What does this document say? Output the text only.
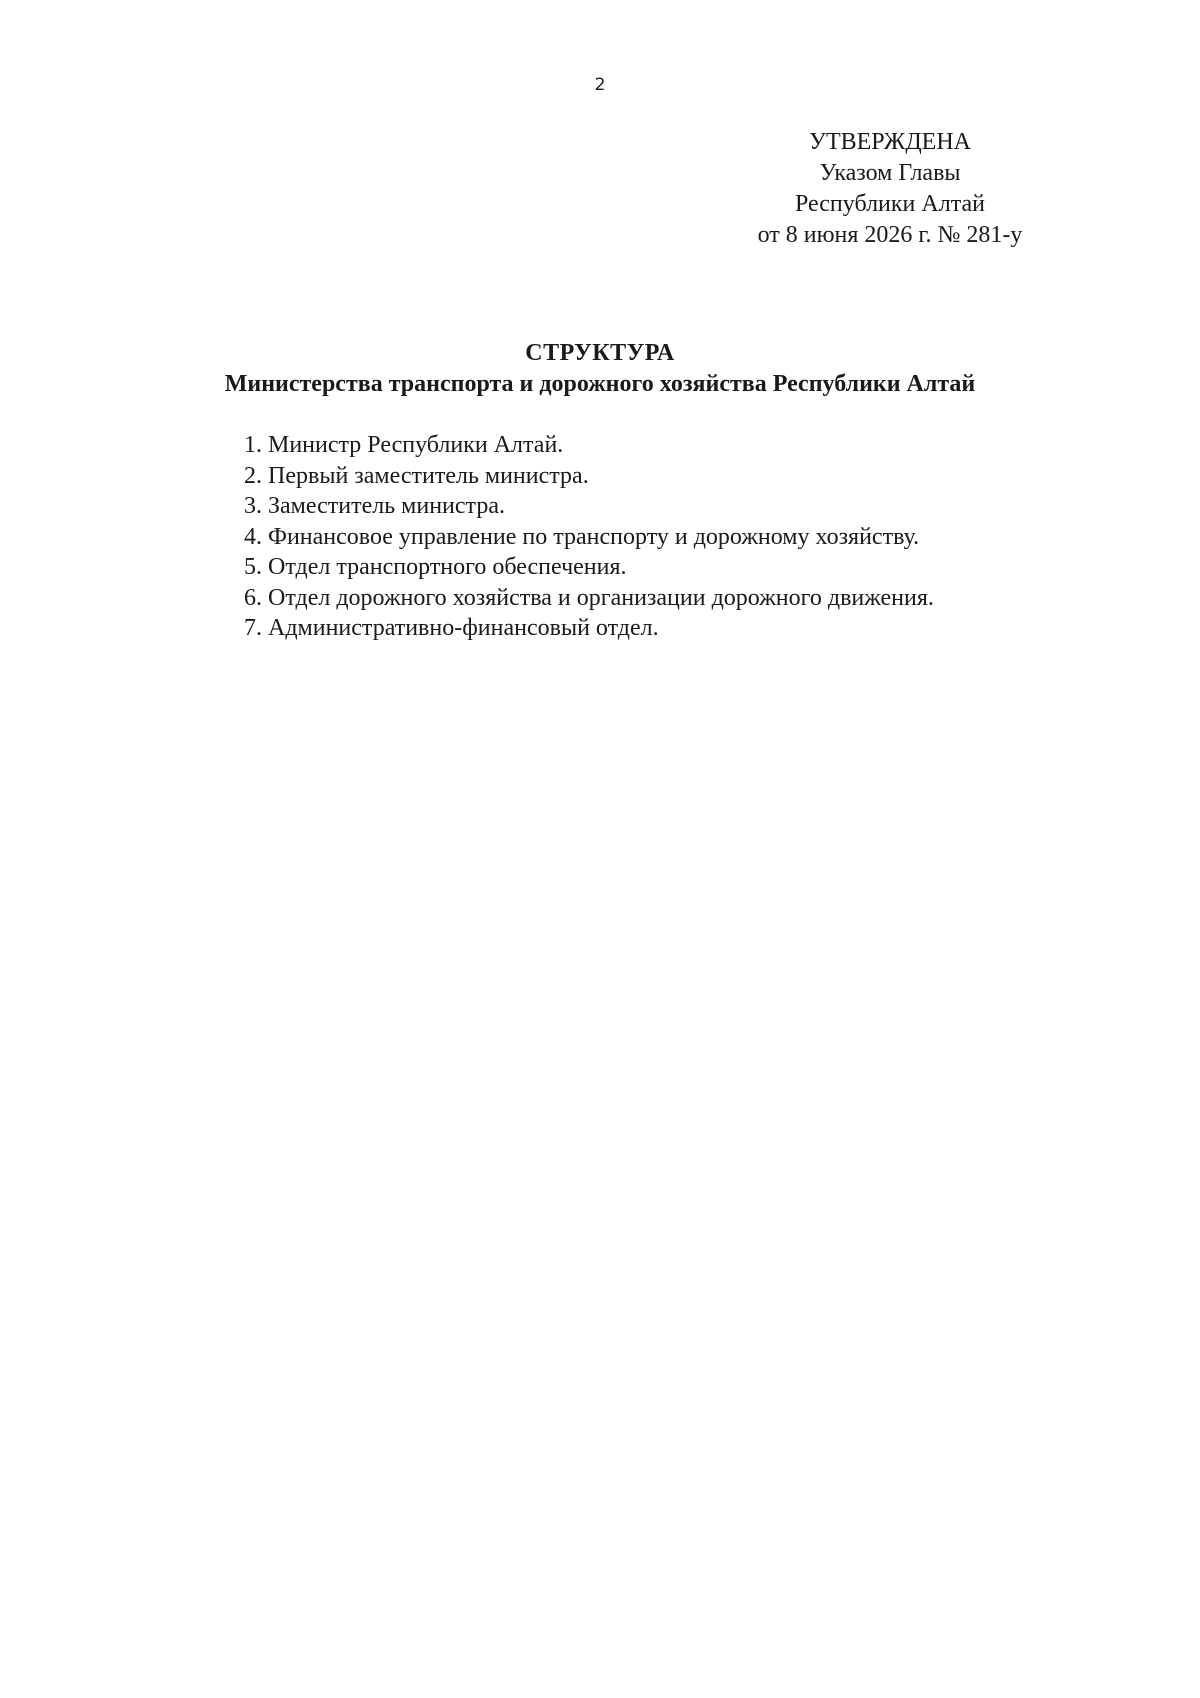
2
УТВЕРЖДЕНА
Указом Главы
Республики Алтай
от 8 июня 2026 г. № 281-у
СТРУКТУРА
Министерства транспорта и дорожного хозяйства Республики Алтай
1. Министр Республики Алтай.
2. Первый заместитель министра.
3. Заместитель министра.
4. Финансовое управление по транспорту и дорожному хозяйству.
5. Отдел транспортного обеспечения.
6. Отдел дорожного хозяйства и организации дорожного движения.
7. Административно-финансовый отдел.
